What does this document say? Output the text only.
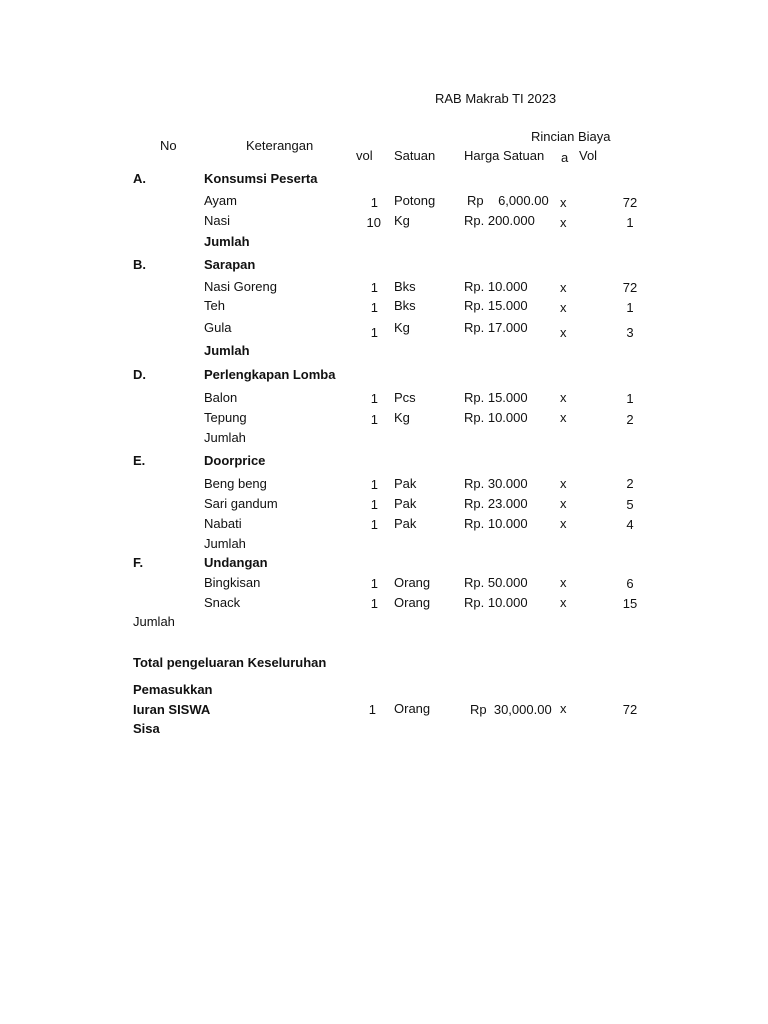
RAB Makrab TI 2023
Rincian Biaya
No	Keterangan
vol Satuan Harga Satuan a Vol
A.	Konsumsi Peserta
Ayam	1 Potong Rp    6,000.00 x	72
Nasi	10 Kg	Rp. 200.000 x	1
Jumlah
B.	Sarapan
Nasi Goreng	1 Bks	Rp. 10.000 x	72
Teh	1 Bks	Rp. 15.000 x	1
Gula	1 Kg	Rp. 17.000 x	3
Jumlah
D.	Perlengkapan Lomba
Balon	1 Pcs	Rp. 15.000 x	1
Tepung	1 Kg	Rp. 10.000 x	2
Jumlah
E.	Doorprice
Beng beng	1 Pak	Rp. 30.000 x	2
Sari gandum	1 Pak	Rp. 23.000 x	5
Nabati	1 Pak	Rp. 10.000 x	4
Jumlah
F.	Undangan
Bingkisan	1 Orang	Rp. 50.000 x	6
Snack	1 Orang	Rp. 10.000 x	15
Jumlah
Total pengeluaran Keseluruhan
Pemasukkan
Iuran SISWA	1 Orang	Rp  30,000.00 x	72
Sisa
